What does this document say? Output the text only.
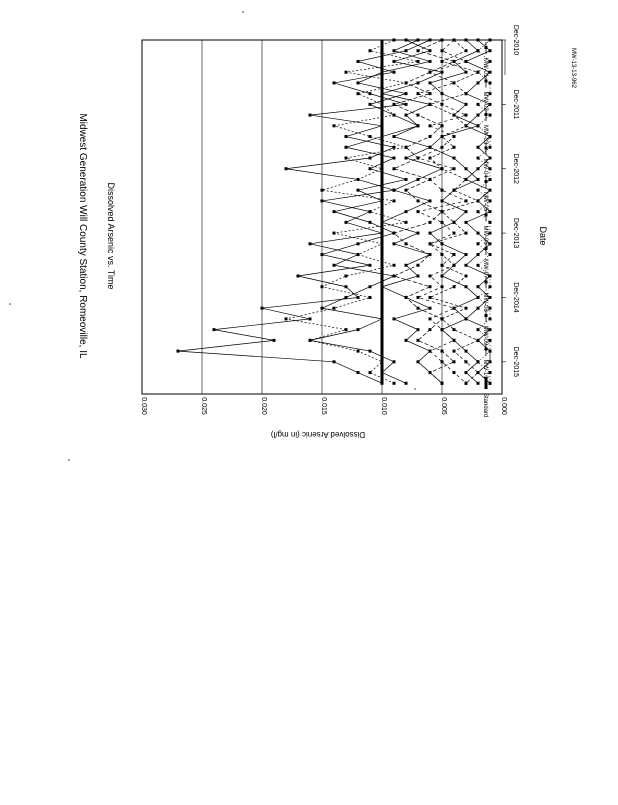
0.000
0.005
0.010
0.015
0.020
0.025
0.030
Dec-2010
Dec-2011
Dec-2012
Dec-2013
Dec-2014
Dec-2015
MW-01
MW-02
MW-03
MW-04
MW-05
MW-06
MW-07
MW-08
MW-09
MW-10
Standard
Midwest Generation Will County Station, Romeoville, IL Dissolved Arsenic vs. Time
Dissolved Arsenic (in mg/l)
Date
MW-13-13-962
